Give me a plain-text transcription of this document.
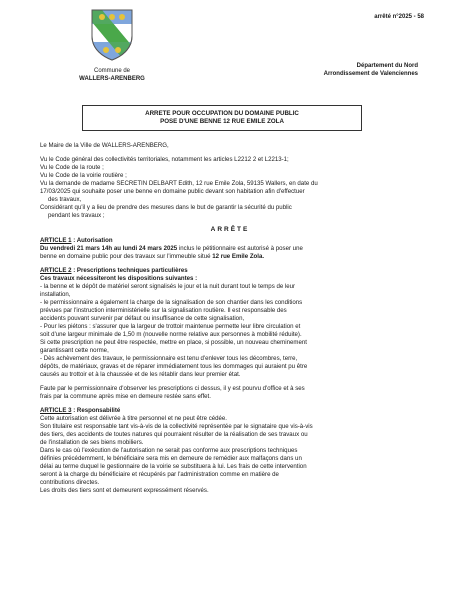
arrêté n°2025 - 58
Commune de
WALLERS-ARENBERG
Département du Nord
Arrondissement de Valenciennes
ARRETE POUR OCCUPATION DU DOMAINE PUBLIC
POSE D'UNE BENNE 12 RUE EMILE ZOLA

Le Maire de la Ville de WALLERS-ARENBERG,

Vu le Code général des collectivités territoriales, notamment les articles L2212 2 et L2213-1;

Vu le Code de la route ;

Vu le Code de la voirie routière ;

Vu la demande de madame SECRETIN DELBART Edith, 12 rue Emile Zola, 59135 Wallers, en date du

17/03/2025 qui souhaite poser une benne en domaine public devant son habitation afin d'effectuer

des travaux,

Considérant qu'il y a lieu de prendre des mesures dans le but de garantir la sécurité du public

pendant les travaux ;

ARRÊTE

ARTICLE 1 : Autorisation

Du vendredi 21 mars 14h au lundi 24 mars 2025 inclus le pétitionnaire est autorisé à poser une

benne en domaine public pour des travaux sur l'immeuble situé 12 rue Emile Zola.

ARTICLE 2 : Prescriptions techniques particulières

Ces travaux nécessiteront les dispositions suivantes :

- la benne et le dépôt de matériel seront signalisés le jour et la nuit durant tout le temps de leur

installation,

- le permissionnaire a également la charge de la signalisation de son chantier dans les conditions

prévues par l'instruction interministérielle sur la signalisation routière. Il est responsable des

accidents pouvant survenir par défaut ou insuffisance de cette signalisation,

- Pour les piétons : s'assurer que la largeur de trottoir maintenue permette leur libre circulation et

soit d'une largeur minimale de 1,50 m (nouvelle norme relative aux personnes à mobilité réduite).

Si cette prescription ne peut être respectée, mettre en place, si possible, un nouveau cheminement

garantissant cette norme,

- Dès achèvement des travaux, le permissionnaire est tenu d'enlever tous les décombres, terre,

dépôts, de matériaux, gravas et de réparer immédiatement tous les dommages qui auraient pu être

causés au trottoir et à la chaussée et de les rétablir dans leur premier état.

Faute par le permissionnaire d'observer les prescriptions ci dessus, il y est pourvu d'office et à ses

frais par la commune après mise en demeure restée sans effet.

ARTICLE 3 : Responsabilité

Cette autorisation est délivrée à titre personnel et ne peut être cédée.

Son titulaire est responsable tant vis-à-vis de la collectivité représentée par le signataire que vis-à-vis

des tiers, des accidents de toutes natures qui pourraient résulter de la réalisation de ses travaux ou

de l'installation de ses biens mobiliers.

Dans le cas où l'exécution de l'autorisation ne serait pas conforme aux prescriptions techniques

définies précédemment, le bénéficiaire sera mis en demeure de remédier aux malfaçons dans un

délai au terme duquel le gestionnaire de la voirie se substituera à lui. Les frais de cette intervention

seront à la charge du bénéficiaire et récupérés par l'administration comme en matière de

contributions directes.

Les droits des tiers sont et demeurent expressément réservés.
